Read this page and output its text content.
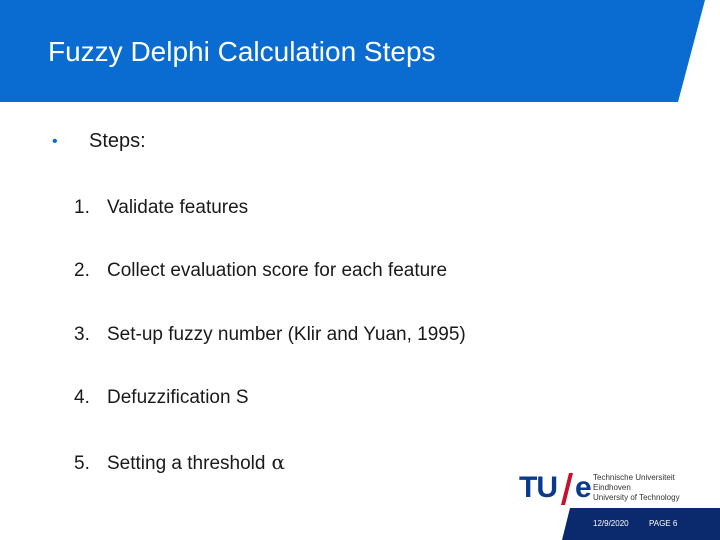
Fuzzy Delphi Calculation Steps
• Steps:
1. Validate features
2. Collect evaluation score for each feature
3. Set-up fuzzy number (Klir and Yuan, 1995)
4. Defuzzification S
5. Setting a threshold α
TU e Technische Universiteit
Eindhoven
University of Technology
12/9/2020	PAGE 6
